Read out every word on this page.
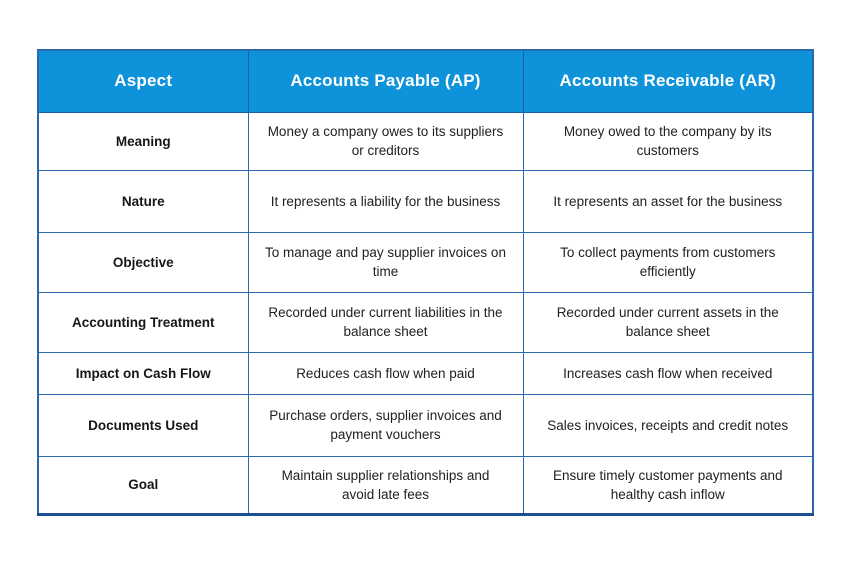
Aspect	Accounts Payable (AP)	Accounts Receivable (AR)
Meaning	Money a company owes to its suppliers or creditors	Money owed to the company by its customers
Nature	It represents a liability for the business	It represents an asset for the business
Objective	To manage and pay supplier invoices on time	To collect payments from customers efficiently
Accounting Treatment	Recorded under current liabilities in the balance sheet	Recorded under current assets in the balance sheet
Impact on Cash Flow	Reduces cash flow when paid	Increases cash flow when received
Documents Used	Purchase orders, supplier invoices and payment vouchers	Sales invoices, receipts and credit notes
Goal	Maintain supplier relationships and avoid late fees	Ensure timely customer payments and healthy cash inflow
